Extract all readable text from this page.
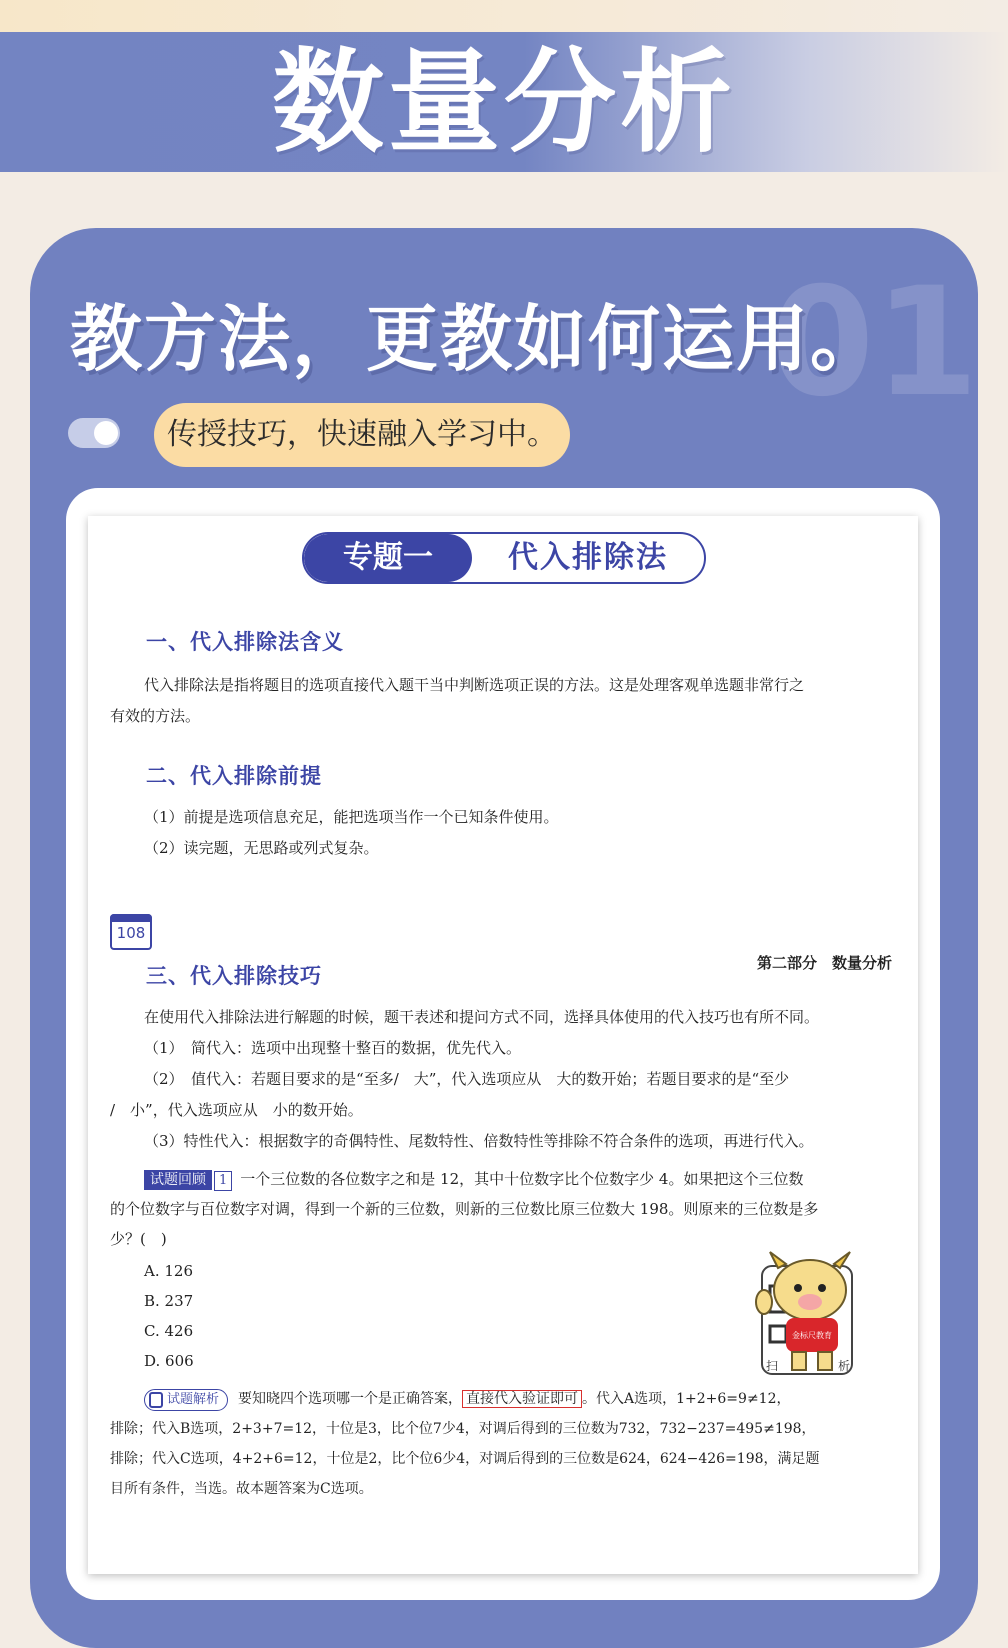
数量分析
01
教方法，更教如何运用。
传授技巧，快速融入学习中。
专题一	代入排除法
一、代入排除法含义
代入排除法是指将题目的选项直接代入题干当中判断选项正误的方法。这是处理客观单选题非常行之
有效的方法。
二、代入排除前提
（1）前提是选项信息充足，能把选项当作一个已知条件使用。
（2）读完题，无思路或列式复杂。
108
第二部分　数量分析
三、代入排除技巧
在使用代入排除法进行解题的时候，题干表述和提问方式不同，选择具体使用的代入技巧也有所不同。
（1）　简代入：选项中出现整十整百的数据，优先代入。
（2）　值代入：若题目要求的是“至多/　大”，代入选项应从　大的数开始；若题目要求的是“至少
/　小”，代入选项应从　小的数开始。
（3）特性代入：根据数字的奇偶特性、尾数特性、倍数特性等排除不符合条件的选项，再进行代入。
试题回顾 1 一个三位数的各位数字之和是 12，其中十位数字比个位数字少 4。如果把这个三位数
的个位数字与百位数字对调，得到一个新的三位数，则新的三位数比原三位数大 198。则原来的三位数是多
少？(　)
A. 126
B. 237
C. 426
D. 606
试题解析 要知晓四个选项哪一个是正确答案， 直接代入验证即可 。代入A选项，1+2+6=9≠12，
排除；代入B选项，2+3+7=12，十位是3，比个位7少4，对调后得到的三位数为732，732−237=495≠198，
排除；代入C选项，4+2+6=12，十位是2，比个位6少4，对调后得到的三位数是624，624−426=198，满足题
目所有条件，当选。故本题答案为C选项。
金标尺教育
扫	析
